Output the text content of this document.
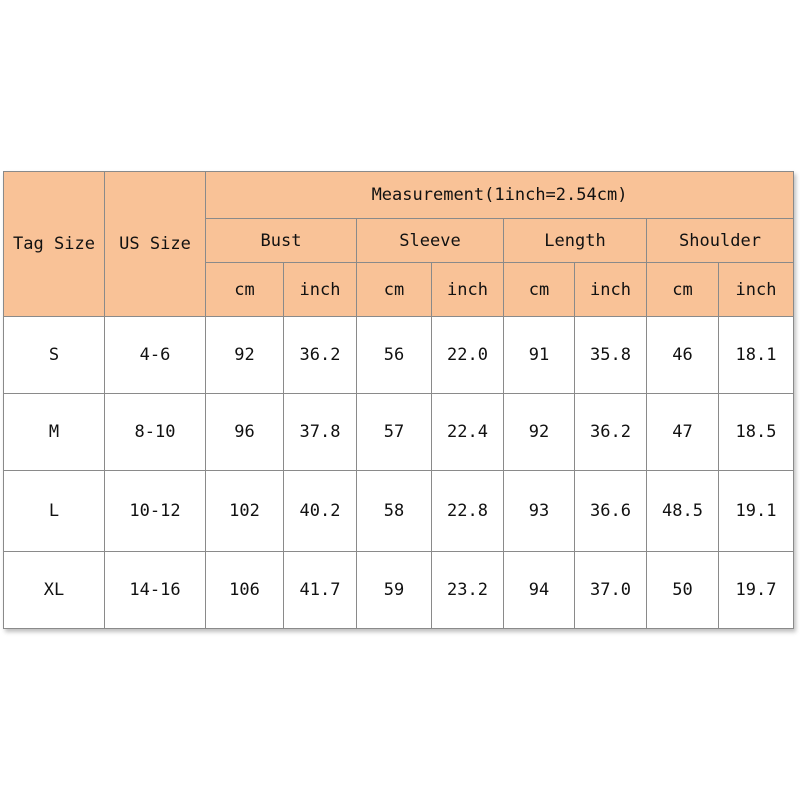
Tag Size	US Size	Measurement(1inch=2.54cm)							
		Bust		Sleeve		Length		Shoulder	
		cm	inch	cm	inch	cm	inch	cm	inch
S	4-6	92	36.2	56	22.0	91	35.8	46	18.1
M	8-10	96	37.8	57	22.4	92	36.2	47	18.5
L	10-12	102	40.2	58	22.8	93	36.6	48.5	19.1
XL	14-16	106	41.7	59	23.2	94	37.0	50	19.7
